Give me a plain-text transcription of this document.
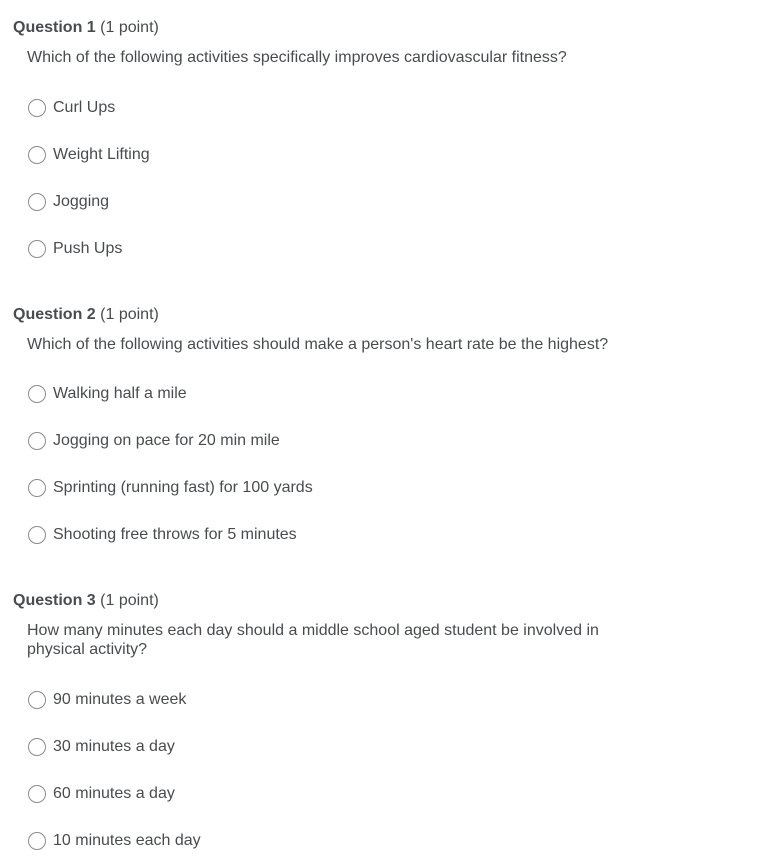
Question 1 (1 point)
Which of the following activities specifically improves cardiovascular fitness?
Curl Ups
Weight Lifting
Jogging
Push Ups
Question 2 (1 point)
Which of the following activities should make a person's heart rate be the highest?
Walking half a mile
Jogging on pace for 20 min mile
Sprinting (running fast) for 100 yards
Shooting free throws for 5 minutes
Question 3 (1 point)
How many minutes each day should a middle school aged student be involved in physical activity?
90 minutes a week
30 minutes a day
60 minutes a day
10 minutes each day
